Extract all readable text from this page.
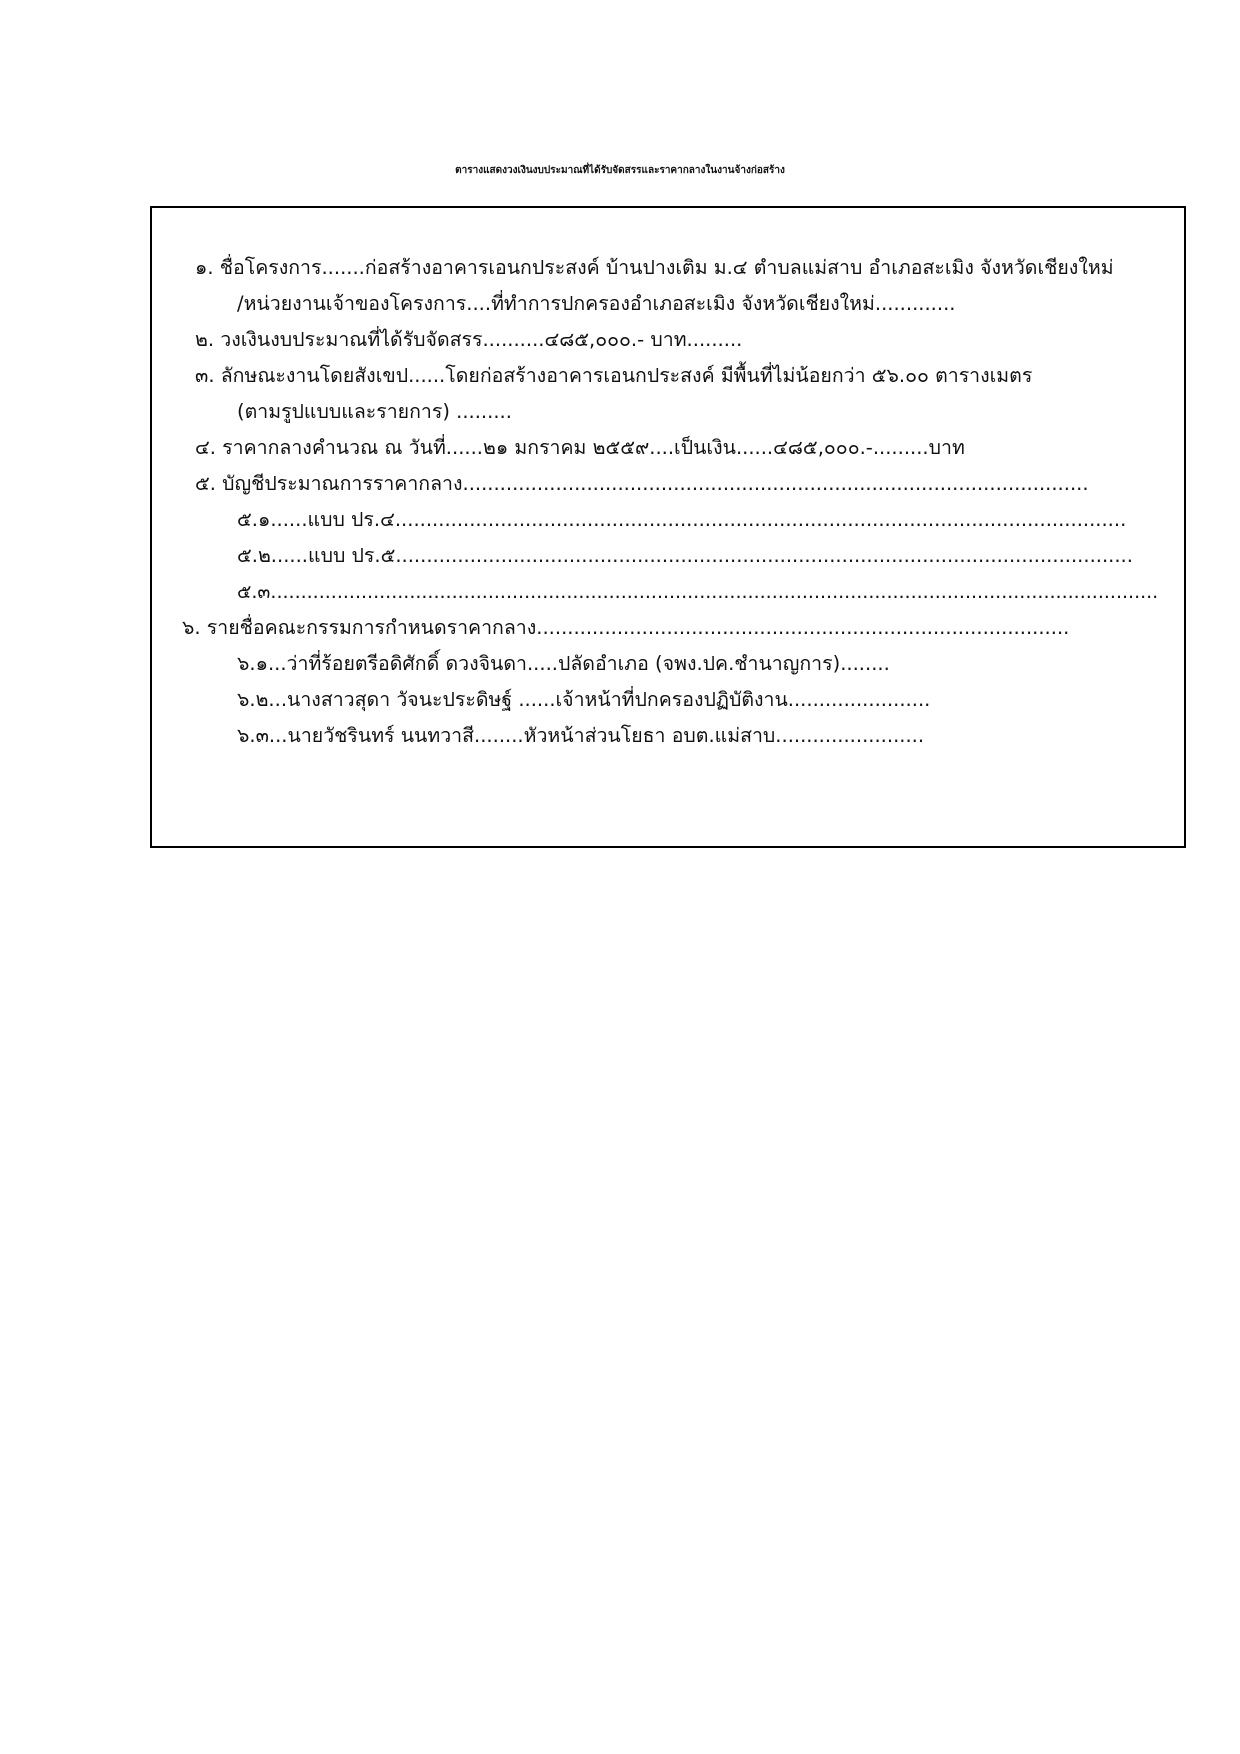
ตารางแสดงวงเงินงบประมาณที่ได้รับจัดสรรและราคากลางในงานจ้างก่อสร้าง
๑. ชื่อโครงการ.......ก่อสร้างอาคารเอนกประสงค์ บ้านปางเติม ม.๔ ตำบลแม่สาบ อำเภอสะเมิง จังหวัดเชียงใหม่
/หน่วยงานเจ้าของโครงการ....ที่ทำการปกครองอำเภอสะเมิง จังหวัดเชียงใหม่.............
๒. วงเงินงบประมาณที่ได้รับจัดสรร..........๔๘๕,๐๐๐.- บาท.........
๓. ลักษณะงานโดยสังเขป......โดยก่อสร้างอาคารเอนกประสงค์ มีพื้นที่ไม่น้อยกว่า ๕๖.๐๐ ตารางเมตร
(ตามรูปแบบและรายการ) .........
๔. ราคากลางคำนวณ ณ วันที่......๒๑ มกราคม ๒๕๕๙....เป็นเงิน......๔๘๕,๐๐๐.-.........บาท
๕. บัญชีประมาณการราคากลาง.....................................................................................................
๕.๑......แบบ ปร.๔......................................................................................................................
๕.๒......แบบ ปร.๕.......................................................................................................................
๕.๓...................................................................................................................................................
๖. รายชื่อคณะกรรมการกำหนดราคากลาง......................................................................................
๖.๑...ว่าที่ร้อยตรีอดิศักดิ์ ดวงจินดา.....ปลัดอำเภอ (จพง.ปค.ชำนาญการ)........
๖.๒...นางสาวสุดา วัจนะประดิษฐ์ ......เจ้าหน้าที่ปกครองปฏิบัติงาน.......................
๖.๓...นายวัชรินทร์ นนทวาสี........หัวหน้าส่วนโยธา อบต.แม่สาบ........................
